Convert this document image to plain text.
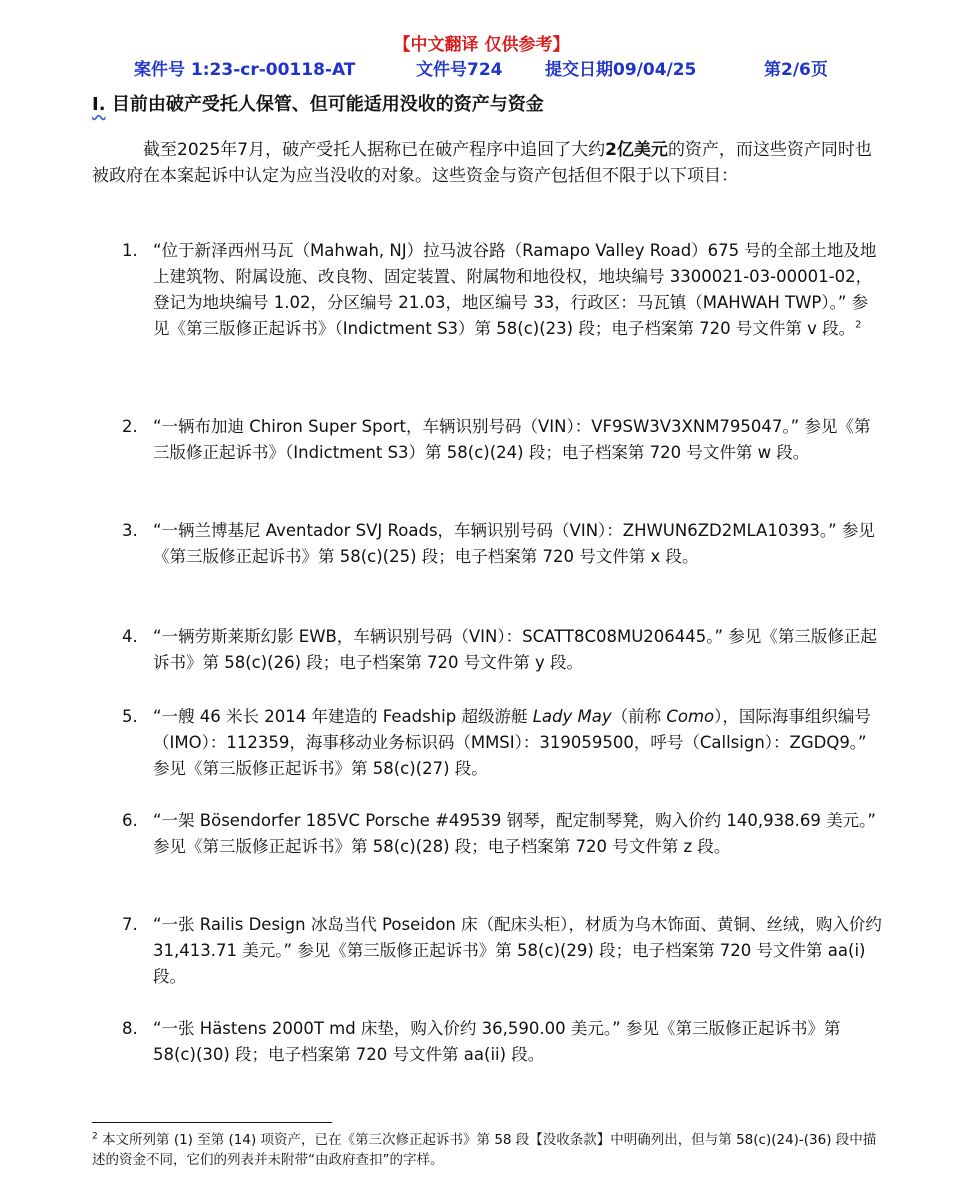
【中文翻译 仅供参考】
案件号 1:23-cr-00118-AT	文件号724	提交日期09/04/25	第2/6页
I. 目前由破产受托人保管、但可能适用没收的资产与资金

截至2025年7月，破产受托人据称已在破产程序中追回了大约2亿美元的资产，而这些资产同时也被政府在本案起诉中认定为应当没收的对象。这些资金与资产包括但不限于以下项目：

1. “位于新泽西州马瓦（Mahwah, NJ）拉马波谷路（Ramapo Valley Road）675 号的全部土地及地上建筑物、附属设施、改良物、固定装置、附属物和地役权，地块编号 3300021-03-00001-02，登记为地块编号 1.02，分区编号 21.03，地区编号 33，行政区：马瓦镇（MAHWAH TWP）。” 参见《第三版修正起诉书》（Indictment S3）第 58(c)(23) 段；电子档案第 720 号文件第 v 段。$^2$
2. “一辆布加迪 Chiron Super Sport，车辆识别号码（VIN）：VF9SW3V3XNM795047。” 参见《第三版修正起诉书》（Indictment S3）第 58(c)(24) 段；电子档案第 720 号文件第 w 段。
3. “一辆兰博基尼 Aventador SVJ Roads，车辆识别号码（VIN）：ZHWUN6ZD2MLA10393。” 参见《第三版修正起诉书》第 58(c)(25) 段；电子档案第 720 号文件第 x 段。
4. “一辆劳斯莱斯幻影 EWB，车辆识别号码（VIN）：SCATT8C08MU206445。” 参见《第三版修正起诉书》第 58(c)(26) 段；电子档案第 720 号文件第 y 段。
5. “一艘 46 米长 2014 年建造的 Feadship 超级游艇 Lady May（前称 Como），国际海事组织编号（IMO）：112359，海事移动业务标识码（MMSI）：319059500，呼号（Callsign）：ZGDQ9。” 参见《第三版修正起诉书》第 58(c)(27) 段。
6. “一架 Bösendorfer 185VC Porsche #49539 钢琴，配定制琴凳，购入价约 140,938.69 美元。” 参见《第三版修正起诉书》第 58(c)(28) 段；电子档案第 720 号文件第 z 段。
7. “一张 Railis Design 冰岛当代 Poseidon 床（配床头柜），材质为乌木饰面、黄铜、丝绒，购入价约 31,413.71 美元。” 参见《第三版修正起诉书》第 58(c)(29) 段；电子档案第 720 号文件第 aa(i) 段。
8. “一张 Hästens 2000T md 床垫，购入价约 36,590.00 美元。” 参见《第三版修正起诉书》第 58(c)(30) 段；电子档案第 720 号文件第 aa(ii) 段。
$^2$ 本文所列第 (1) 至第 (14) 项资产，已在《第三次修正起诉书》第 58 段【没收条款】中明确列出，但与第 58(c)(24)-(36) 段中描述的资金不同，它们的列表并未附带“由政府查扣”的字样。
